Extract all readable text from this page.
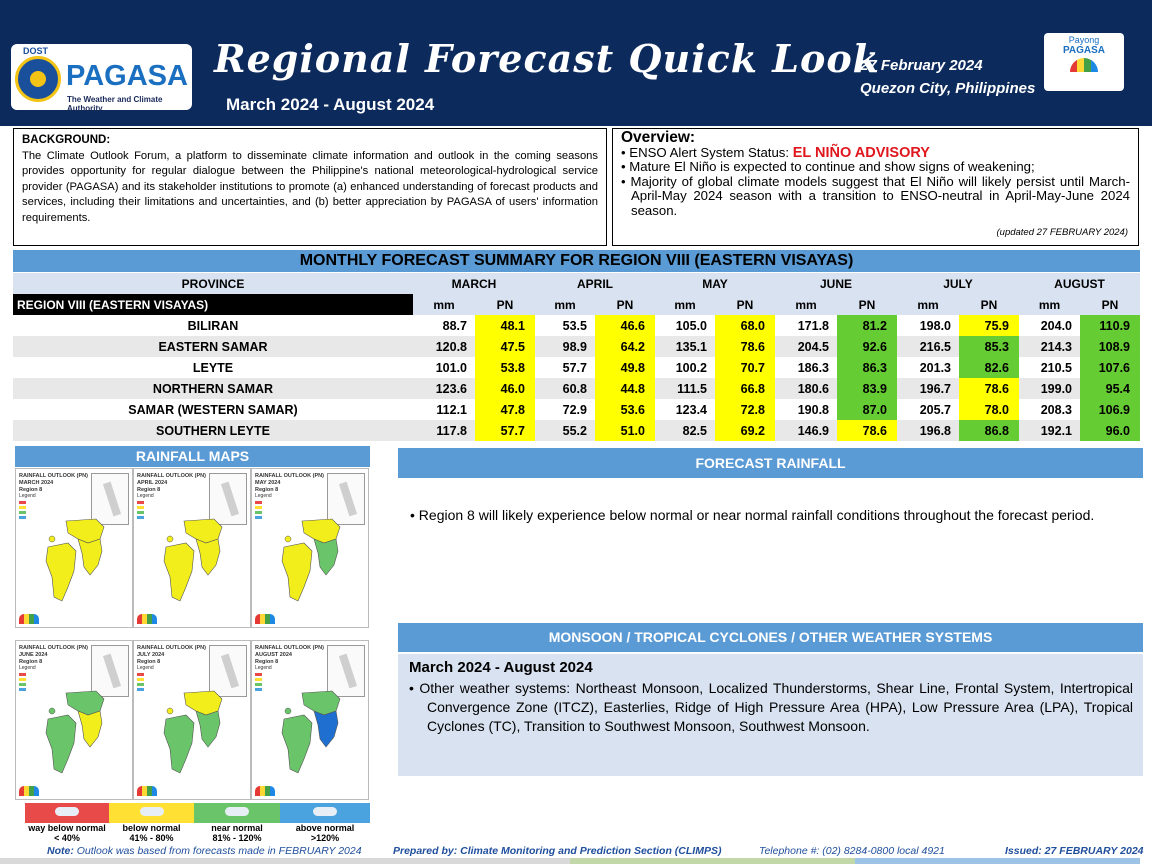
DOST
PAGASA
The Weather and Climate Authority
Regional Forecast Quick Look
March 2024 - August 2024
27 February 2024
Quezon City, Philippines
Payong
PAGASA
BACKGROUND:
The Climate Outlook Forum, a platform to disseminate climate information and outlook in the coming seasons provides opportunity for regular dialogue between the Philippine's national meteorological-hydrological service provider (PAGASA) and its stakeholder institutions to promote (a) enhanced understanding of forecast products and services, including their limitations and uncertainties, and (b) better appreciation by PAGASA of users' information requirements.
Overview:
• ENSO Alert System Status: EL NIÑO ADVISORY
• Mature El Niño is expected to continue and show signs of weakening;
• Majority of global climate models suggest that El Niño will likely persist until March-April-May 2024 season with a transition to ENSO-neutral in April-May-June 2024 season.
(updated 27 FEBRUARY 2024)
MONTHLY FORECAST SUMMARY FOR REGION VIII (EASTERN VISAYAS)
PROVINCE	MARCH		APRIL		MAY		JUNE		JULY		AUGUST	
REGION VIII (EASTERN VISAYAS)	mm	PN	mm	PN	mm	PN	mm	PN	mm	PN	mm	PN
BILIRAN	88.7	48.1	53.5	46.6	105.0	68.0	171.8	81.2	198.0	75.9	204.0	110.9
EASTERN SAMAR	120.8	47.5	98.9	64.2	135.1	78.6	204.5	92.6	216.5	85.3	214.3	108.9
LEYTE	101.0	53.8	57.7	49.8	100.2	70.7	186.3	86.3	201.3	82.6	210.5	107.6
NORTHERN SAMAR	123.6	46.0	60.8	44.8	111.5	66.8	180.6	83.9	196.7	78.6	199.0	95.4
SAMAR (WESTERN SAMAR)	112.1	47.8	72.9	53.6	123.4	72.8	190.8	87.0	205.7	78.0	208.3	106.9
SOUTHERN LEYTE	117.8	57.7	55.2	51.0	82.5	69.2	146.9	78.6	196.8	86.8	192.1	96.0
RAINFALL MAPS
RAINFALL OUTLOOK (PN)
MARCH 2024
Region 8
Legend
RAINFALL OUTLOOK (PN)
APRIL 2024
Region 8
Legend
RAINFALL OUTLOOK (PN)
MAY 2024
Region 8
Legend
RAINFALL OUTLOOK (PN)
JUNE 2024
Region 8
Legend
RAINFALL OUTLOOK (PN)
JULY 2024
Region 8
Legend
RAINFALL OUTLOOK (PN)
AUGUST 2024
Region 8
Legend
way below normal
< 40%
below normal
41% - 80%
near normal
81% - 120%
above normal
>120%
FORECAST RAINFALL
• Region 8 will likely experience below normal or near normal rainfall conditions throughout the forecast period.
MONSOON / TROPICAL CYCLONES / OTHER WEATHER SYSTEMS
March 2024 - August 2024
• Other weather systems: Northeast Monsoon, Localized Thunderstorms, Shear Line, Frontal System, Intertropical Convergence Zone (ITCZ), Easterlies, Ridge of High Pressure Area (HPA), Low Pressure Area (LPA), Tropical Cyclones (TC), Transition to Southwest Monsoon, Southwest Monsoon.
Note: Outlook was based from forecasts made in FEBRUARY 2024	Prepared by: Climate Monitoring and Prediction Section (CLIMPS)	Telephone #: (02) 8284-0800 local 4921	Issued: 27 FEBRUARY 2024
